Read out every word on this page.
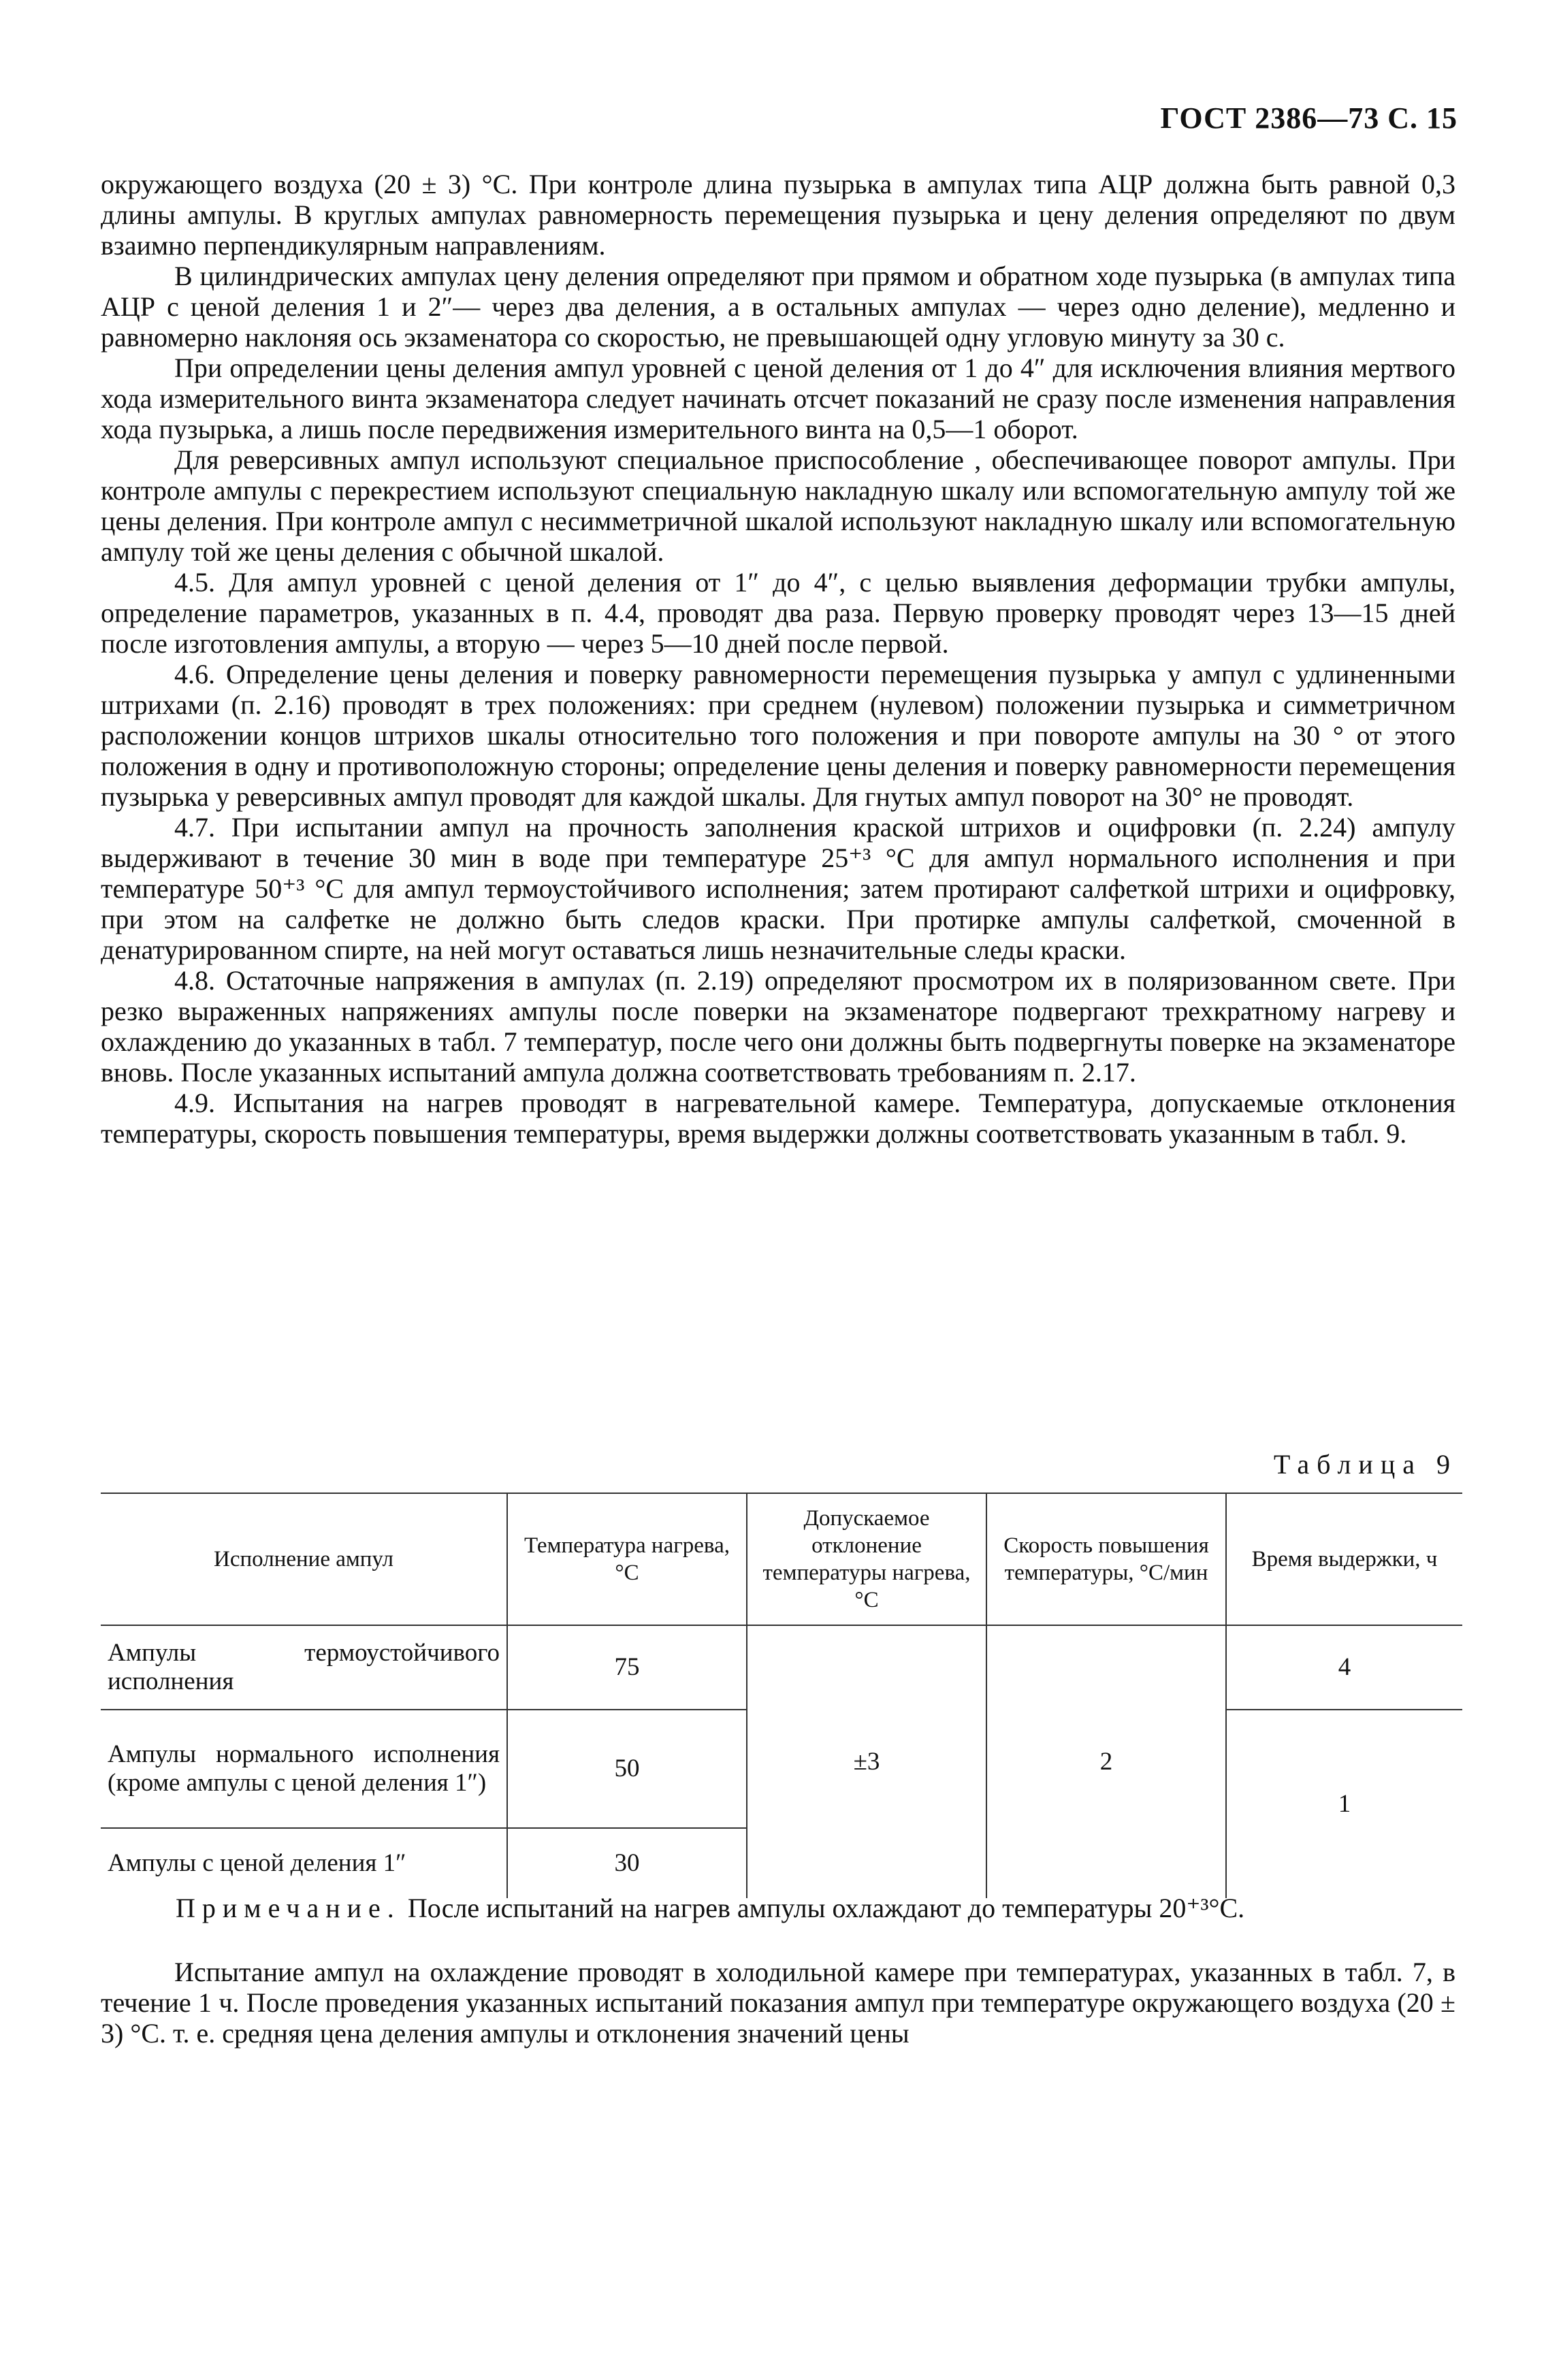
ГОСТ 2386—73 С. 15

окружающего воздуха (20 ± 3) °С. При контроле длина пузырька в ампулах типа АЦР должна быть равной 0,3 длины ампулы. В круглых ампулах равномерность перемещения пузырька и цену деления определяют по двум взаимно перпендикулярным направлениям.

В цилиндрических ампулах цену деления определяют при прямом и обратном ходе пузырька (в ампулах типа АЦР с ценой деления 1 и 2″— через два деления, а в остальных ампулах — через одно деление), медленно и равномерно наклоняя ось экзаменатора со скоростью, не превышающей одну угловую минуту за 30 с.

При определении цены деления ампул уровней с ценой деления от 1 до 4″ для исключения влияния мертвого хода измерительного винта экзаменатора следует начинать отсчет показаний не сразу после изменения направления хода пузырька, а лишь после передвижения измерительного винта на 0,5—1 оборот.

Для реверсивных ампул используют специальное приспособление , обеспечивающее поворот ампулы. При контроле ампулы с перекрестием используют специальную накладную шкалу или вспомогательную ампулу той же цены деления. При контроле ампул с несимметричной шкалой используют накладную шкалу или вспомогательную ампулу той же цены деления с обычной шкалой.

4.5. Для ампул уровней с ценой деления от 1″ до 4″, с целью выявления деформации трубки ампулы, определение параметров, указанных в п. 4.4, проводят два раза. Первую проверку проводят через 13—15 дней после изготовления ампулы, а вторую — через 5—10 дней после первой.

4.6. Определение цены деления и поверку равномерности перемещения пузырька у ампул с удлиненными штрихами (п. 2.16) проводят в трех положениях: при среднем (нулевом) положении пузырька и симметричном расположении концов штрихов шкалы относительно того положения и при повороте ампулы на 30 ° от этого положения в одну и противоположную стороны; определение цены деления и поверку равномерности перемещения пузырька у реверсивных ампул проводят для каждой шкалы. Для гнутых ампул поворот на 30° не проводят.

4.7. При испытании ампул на прочность заполнения краской штрихов и оцифровки (п. 2.24) ампулу выдерживают в течение 30 мин в воде при температуре 25⁺³ °С для ампул нормального исполнения и при температуре 50⁺³ °С для ампул термоустойчивого исполнения; затем протирают салфеткой штрихи и оцифровку, при этом на салфетке не должно быть следов краски. При протирке ампулы салфеткой, смоченной в денатурированном спирте, на ней могут оставаться лишь незначительные следы краски.

4.8. Остаточные напряжения в ампулах (п. 2.19) определяют просмотром их в поляризованном свете. При резко выраженных напряжениях ампулы после поверки на экзаменаторе подвергают трехкратному нагреву и охлаждению до указанных в табл. 7 температур, после чего они должны быть подвергнуты поверке на экзаменаторе вновь. После указанных испытаний ампула должна соответствовать требованиям п. 2.17.

4.9. Испытания на нагрев проводят в нагревательной камере. Температура, допускаемые отклонения температуры, скорость повышения температуры, время выдержки должны соответствовать указанным в табл. 9.

Таблица 9
Исполнение ампул	Температура нагрева, °С	Допускаемое отклонение температуры нагрева, °С	Скорость повышения температуры, °С/мин	Время выдержки, ч
Ампулы термоустойчивого исполнения	75	±3	2	4
Ампулы нормального исполнения (кроме ампулы с ценой деления 1″)	50			1
Ампулы с ценой деления 1″	30			
Примечание. После испытаний на нагрев ампулы охлаждают до температуры 20⁺³°С.

Испытание ампул на охлаждение проводят в холодильной камере при температурах, указанных в табл. 7, в течение 1 ч. После проведения указанных испытаний показания ампул при температуре окружающего воздуха (20 ± 3) °С. т. е. средняя цена деления ампулы и отклонения значений цены
